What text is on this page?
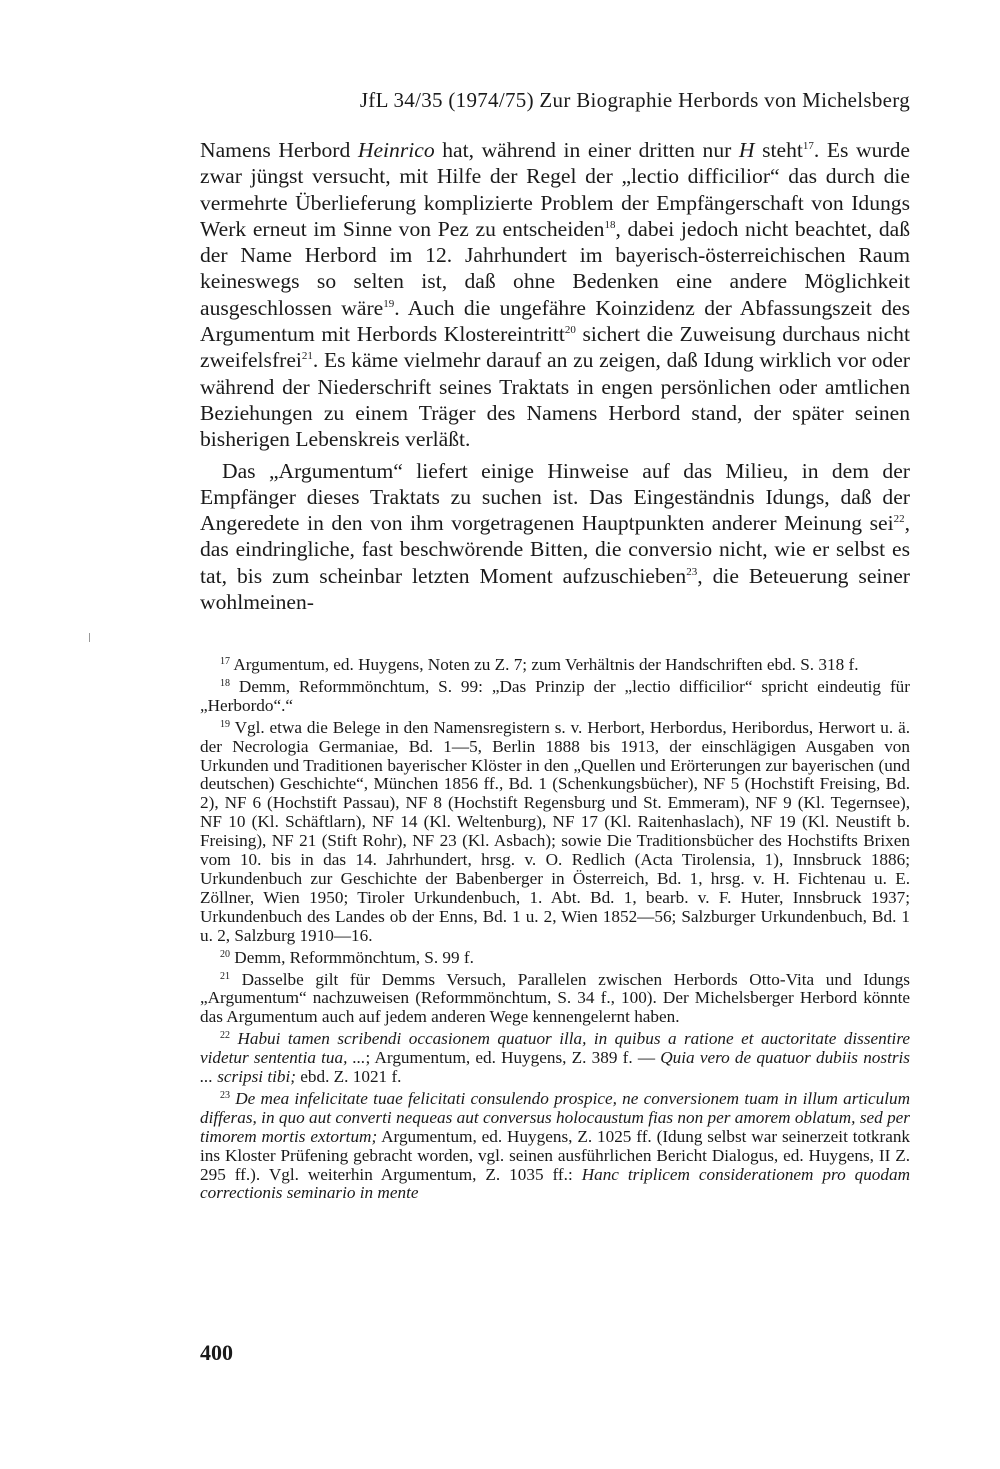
JfL 34/35 (1974/75) Zur Biographie Herbords von Michelsberg

Namens Herbord Heinrico hat, während in einer dritten nur H steht$^{17}$. Es wurde zwar jüngst versucht, mit Hilfe der Regel der „lectio difficilior“ das durch die vermehrte Überlieferung komplizierte Problem der Empfängerschaft von Idungs Werk erneut im Sinne von Pez zu entscheiden$^{18}$, dabei jedoch nicht beachtet, daß der Name Herbord im 12. Jahrhundert im bayerisch-österreichischen Raum keineswegs so selten ist, daß ohne Bedenken eine andere Möglichkeit ausgeschlossen wäre$^{19}$. Auch die ungefähre Koinzidenz der Abfassungszeit des Argumentum mit Herbords Klostereintritt$^{20}$ sichert die Zuweisung durchaus nicht zweifelsfrei$^{21}$. Es käme vielmehr darauf an zu zeigen, daß Idung wirklich vor oder während der Niederschrift seines Traktats in engen persönlichen oder amtlichen Beziehungen zu einem Träger des Namens Herbord stand, der später seinen bisherigen Lebenskreis verläßt.

Das „Argumentum“ liefert einige Hinweise auf das Milieu, in dem der Empfänger dieses Traktats zu suchen ist. Das Eingeständnis Idungs, daß der Angeredete in den von ihm vorgetragenen Hauptpunkten anderer Meinung sei$^{22}$, das eindringliche, fast beschwörende Bitten, die conversio nicht, wie er selbst es tat, bis zum scheinbar letzten Moment aufzuschieben$^{23}$, die Beteuerung seiner wohlmeinen-

$^{17}$ Argumentum, ed. Huygens, Noten zu Z. 7; zum Verhältnis der Handschriften ebd. S. 318 f.

$^{18}$ Demm, Reformmönchtum, S. 99: „Das Prinzip der „lectio difficilior“ spricht eindeutig für „Herbordo“.“

$^{19}$ Vgl. etwa die Belege in den Namensregistern s. v. Herbort, Herbordus, Heribordus, Herwort u. ä. der Necrologia Germaniae, Bd. 1—5, Berlin 1888 bis 1913, der einschlägigen Ausgaben von Urkunden und Traditionen bayerischer Klöster in den „Quellen und Erörterungen zur bayerischen (und deutschen) Geschichte“, München 1856 ff., Bd. 1 (Schenkungsbücher), NF 5 (Hochstift Freising, Bd. 2), NF 6 (Hochstift Passau), NF 8 (Hochstift Regensburg und St. Emmeram), NF 9 (Kl. Tegernsee), NF 10 (Kl. Schäftlarn), NF 14 (Kl. Weltenburg), NF 17 (Kl. Raitenhaslach), NF 19 (Kl. Neustift b. Freising), NF 21 (Stift Rohr), NF 23 (Kl. Asbach); sowie Die Traditionsbücher des Hochstifts Brixen vom 10. bis in das 14. Jahrhundert, hrsg. v. O. Redlich (Acta Tirolensia, 1), Innsbruck 1886; Urkundenbuch zur Geschichte der Babenberger in Österreich, Bd. 1, hrsg. v. H. Fichtenau u. E. Zöllner, Wien 1950; Tiroler Urkundenbuch, 1. Abt. Bd. 1, bearb. v. F. Huter, Innsbruck 1937; Urkundenbuch des Landes ob der Enns, Bd. 1 u. 2, Wien 1852—56; Salzburger Urkundenbuch, Bd. 1 u. 2, Salzburg 1910—16.

$^{20}$ Demm, Reformmönchtum, S. 99 f.

$^{21}$ Dasselbe gilt für Demms Versuch, Parallelen zwischen Herbords Otto-Vita und Idungs „Argumentum“ nachzuweisen (Reformmönchtum, S. 34 f., 100). Der Michelsberger Herbord könnte das Argumentum auch auf jedem anderen Wege kennengelernt haben.

$^{22}$ Habui tamen scribendi occasionem quatuor illa, in quibus a ratione et auctoritate dissentire videtur sententia tua, ...; Argumentum, ed. Huygens, Z. 389 f. — Quia vero de quatuor dubiis nostris ... scripsi tibi; ebd. Z. 1021 f.

$^{23}$ De mea infelicitate tuae felicitati consulendo prospice, ne conversionem tuam in illum articulum differas, in quo aut converti nequeas aut conversus holocaustum fias non per amorem oblatum, sed per timorem mortis extortum; Argumentum, ed. Huygens, Z. 1025 ff. (Idung selbst war seinerzeit totkrank ins Kloster Prüfening gebracht worden, vgl. seinen ausführlichen Bericht Dialogus, ed. Huygens, II Z. 295 ff.). Vgl. weiterhin Argumentum, Z. 1035 ff.: Hanc triplicem considerationem pro quodam correctionis seminario in mente

400
